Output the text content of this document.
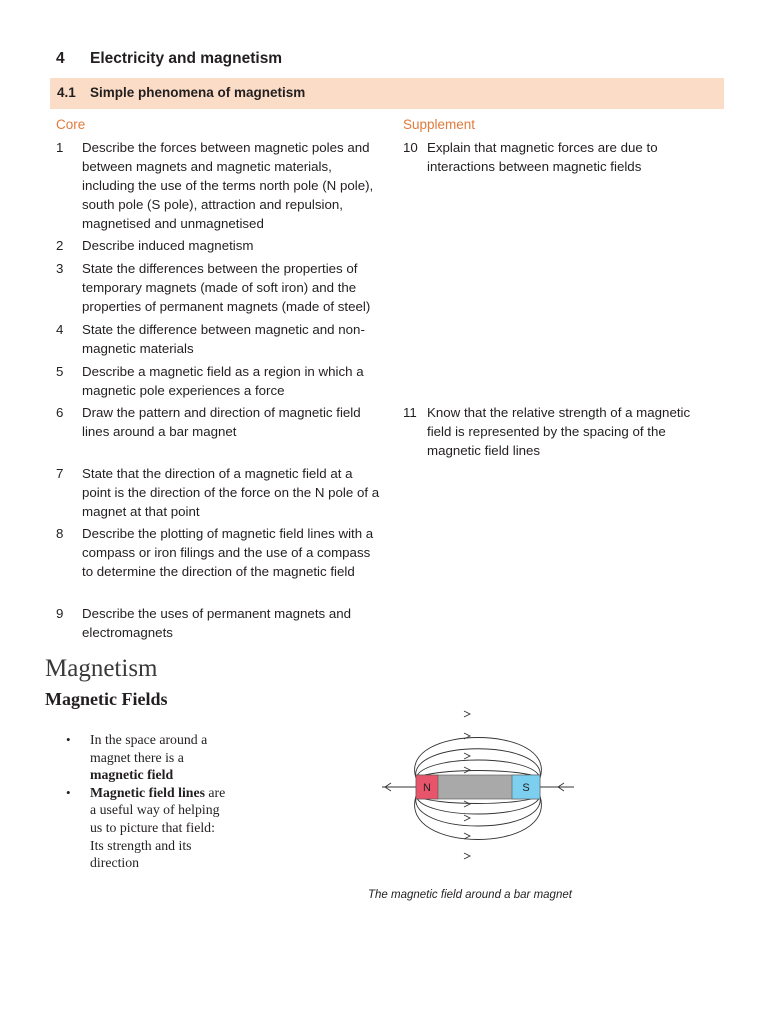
4 Electricity and magnetism
4.1 Simple phenomena of magnetism
Core	Supplement
1 Describe the forces between magnetic poles and between magnets and magnetic materials, including the use of the terms north pole (N pole), south pole (S pole), attraction and repulsion, magnetised and unmagnetised
2 Describe induced magnetism
3 State the differences between the properties of temporary magnets (made of soft iron) and the properties of permanent magnets (made of steel)
4 State the difference between magnetic and non-magnetic materials
5 Describe a magnetic field as a region in which a magnetic pole experiences a force
6 Draw the pattern and direction of magnetic field lines around a bar magnet
7 State that the direction of a magnetic field at a point is the direction of the force on the N pole of a magnet at that point
8 Describe the plotting of magnetic field lines with a compass or iron filings and the use of a compass to determine the direction of the magnetic field
9 Describe the uses of permanent magnets and electromagnets
10 Explain that magnetic forces are due to interactions between magnetic fields
11 Know that the relative strength of a magnetic field is represented by the spacing of the magnetic field lines
Magnetism
Magnetic Fields
• In the space around a magnet there is a magnetic field
• Magnetic field lines are a useful way of helping us to picture that field: Its strength and its direction
N	S
The magnetic field around a bar magnet
